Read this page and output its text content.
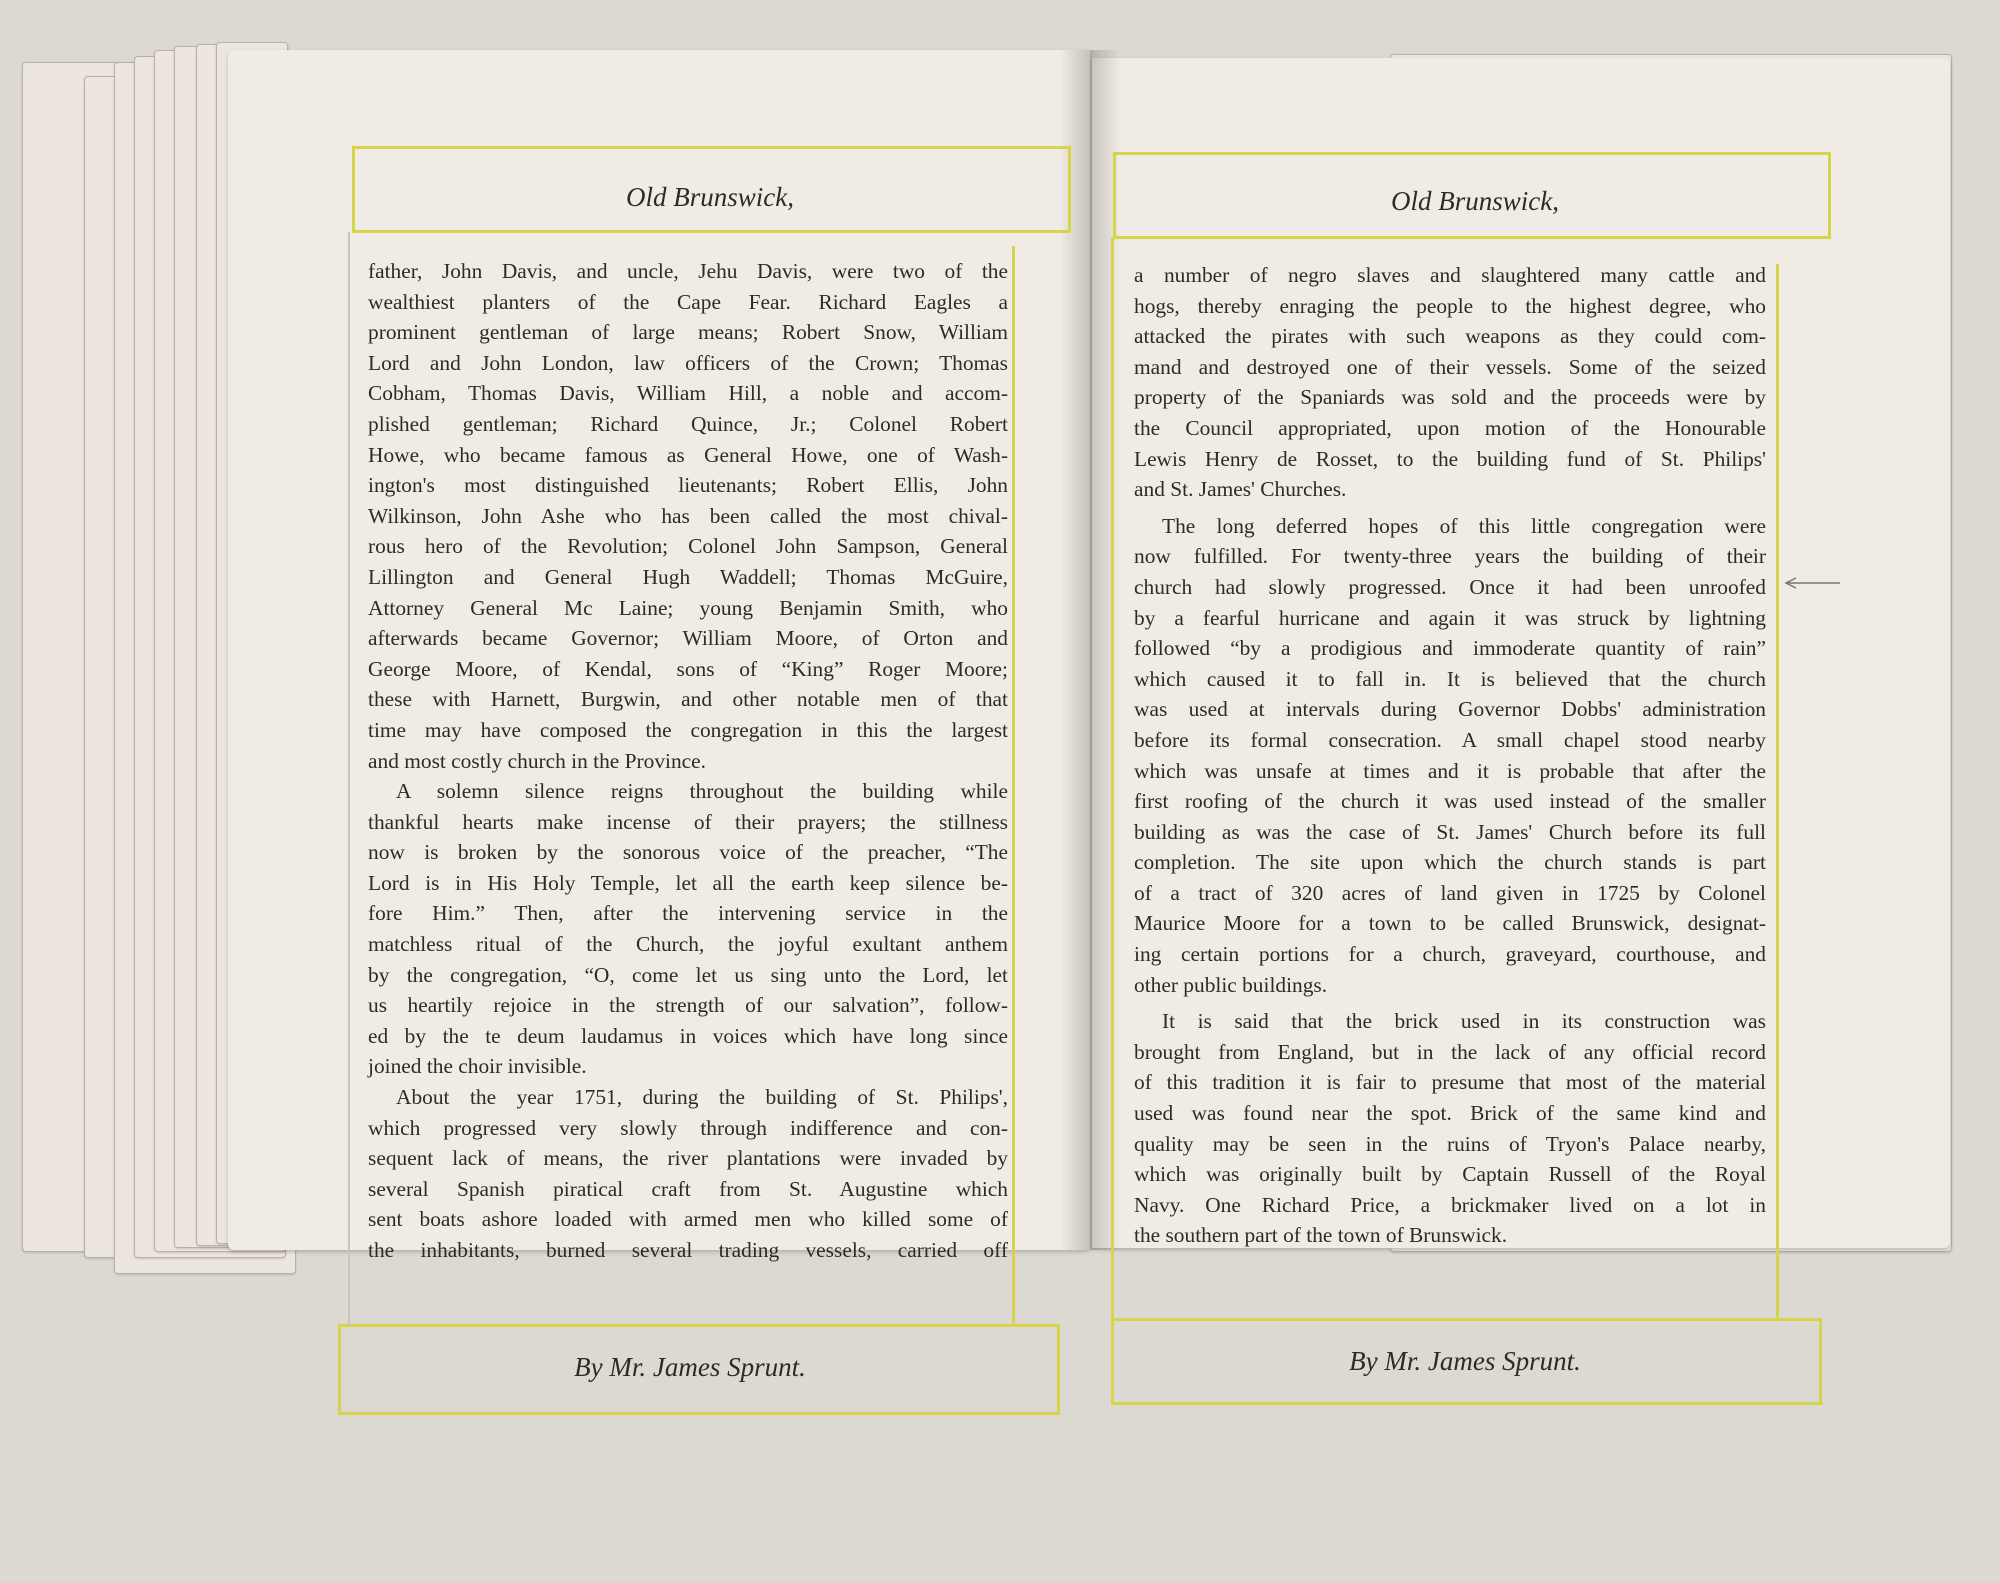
Old Brunswick,
By Mr. James Sprunt.
father, John Davis, and uncle, Jehu Davis, were two of the
wealthiest planters of the Cape Fear. Richard Eagles a
prominent gentleman of large means; Robert Snow, William
Lord and John London, law officers of the Crown; Thomas
Cobham, Thomas Davis, William Hill, a noble and accom-
plished gentleman; Richard Quince, Jr.; Colonel Robert
Howe, who became famous as General Howe, one of Wash-
ington's most distinguished lieutenants; Robert Ellis, John
Wilkinson, John Ashe who has been called the most chival-
rous hero of the Revolution; Colonel John Sampson, General
Lillington and General Hugh Waddell; Thomas McGuire,
Attorney General Mc Laine; young Benjamin Smith, who
afterwards became Governor; William Moore, of Orton and
George Moore, of Kendal, sons of “King” Roger Moore;
these with Harnett, Burgwin, and other notable men of that
time may have composed the congregation in this the largest
and most costly church in the Province.
A solemn silence reigns throughout the building while
thankful hearts make incense of their prayers; the stillness
now is broken by the sonorous voice of the preacher, “The
Lord is in His Holy Temple, let all the earth keep silence be-
fore Him.” Then, after the intervening service in the
matchless ritual of the Church, the joyful exultant anthem
by the congregation, “O, come let us sing unto the Lord, let
us heartily rejoice in the strength of our salvation”, follow-
ed by the te deum laudamus in voices which have long since
joined the choir invisible.
About the year 1751, during the building of St. Philips',
which progressed very slowly through indifference and con-
sequent lack of means, the river plantations were invaded by
several Spanish piratical craft from St. Augustine which
sent boats ashore loaded with armed men who killed some of
the inhabitants, burned several trading vessels, carried off
Old Brunswick,
By Mr. James Sprunt.
a number of negro slaves and slaughtered many cattle and
hogs, thereby enraging the people to the highest degree, who
attacked the pirates with such weapons as they could com-
mand and destroyed one of their vessels. Some of the seized
property of the Spaniards was sold and the proceeds were by
the Council appropriated, upon motion of the Honourable
Lewis Henry de Rosset, to the building fund of St. Philips'
and St. James' Churches.
The long deferred hopes of this little congregation were
now fulfilled. For twenty-three years the building of their
church had slowly progressed. Once it had been unroofed
by a fearful hurricane and again it was struck by lightning
followed “by a prodigious and immoderate quantity of rain”
which caused it to fall in. It is believed that the church
was used at intervals during Governor Dobbs' administration
before its formal consecration. A small chapel stood nearby
which was unsafe at times and it is probable that after the
first roofing of the church it was used instead of the smaller
building as was the case of St. James' Church before its full
completion. The site upon which the church stands is part
of a tract of 320 acres of land given in 1725 by Colonel
Maurice Moore for a town to be called Brunswick, designat-
ing certain portions for a church, graveyard, courthouse, and
other public buildings.
It is said that the brick used in its construction was
brought from England, but in the lack of any official record
of this tradition it is fair to presume that most of the material
used was found near the spot. Brick of the same kind and
quality may be seen in the ruins of Tryon's Palace nearby,
which was originally built by Captain Russell of the Royal
Navy. One Richard Price, a brickmaker lived on a lot in
the southern part of the town of Brunswick.
